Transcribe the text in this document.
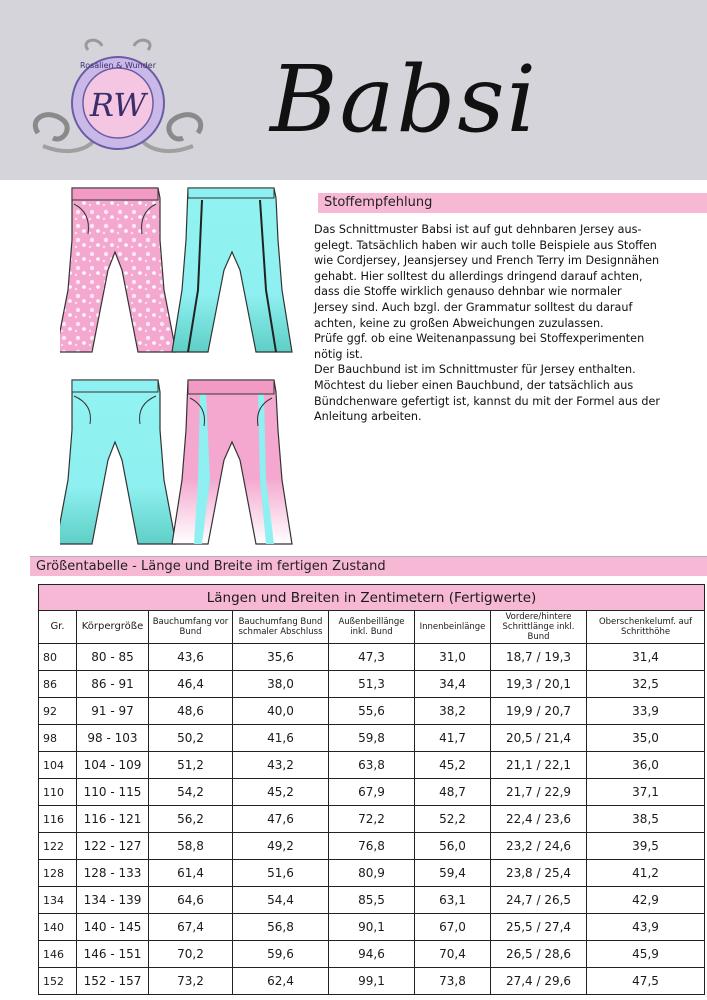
Rosalien & Wunder
RW Babsi
Stoffempfehlung

Das Schnittmuster Babsi ist auf gut dehnbaren Jersey aus-

gelegt. Tatsächlich haben wir auch tolle Beispiele aus Stoffen

wie Cordjersey, Jeansjersey und French Terry im Designnähen

gehabt. Hier solltest du allerdings dringend darauf achten,

dass die Stoffe wirklich genauso dehnbar wie normaler

Jersey sind. Auch bzgl. der Grammatur solltest du darauf

achten, keine zu großen Abweichungen zuzulassen.

Prüfe ggf. ob eine Weitenanpassung bei Stoffexperimenten

nötig ist.

Der Bauchbund ist im Schnittmuster für Jersey enthalten.

Möchtest du lieber einen Bauchbund, der tatsächlich aus

Bündchenware gefertigt ist, kannst du mit der Formel aus der

Anleitung arbeiten.

Größentabelle - Länge und Breite im fertigen Zustand
Längen und Breiten in Zentimetern (Fertigwerte)							
Gr.	Körpergröße	Bauchumfang vor Bund	Bauchumfang Bund schmaler Abschluss	Außenbeillänge inkl. Bund	Innenbeinlänge	Vordere/hintere Schrittlänge inkl. Bund	Oberschenkelumf. auf Schritthöhe
80	80 - 85	43,6	35,6	47,3	31,0	18,7 / 19,3	31,4
86	86 - 91	46,4	38,0	51,3	34,4	19,3 / 20,1	32,5
92	91 - 97	48,6	40,0	55,6	38,2	19,9 / 20,7	33,9
98	98 - 103	50,2	41,6	59,8	41,7	20,5 / 21,4	35,0
104	104 - 109	51,2	43,2	63,8	45,2	21,1 / 22,1	36,0
110	110 - 115	54,2	45,2	67,9	48,7	21,7 / 22,9	37,1
116	116 - 121	56,2	47,6	72,2	52,2	22,4 / 23,6	38,5
122	122 - 127	58,8	49,2	76,8	56,0	23,2 / 24,6	39,5
128	128 - 133	61,4	51,6	80,9	59,4	23,8 / 25,4	41,2
134	134 - 139	64,6	54,4	85,5	63,1	24,7 / 26,5	42,9
140	140 - 145	67,4	56,8	90,1	67,0	25,5 / 27,4	43,9
146	146 - 151	70,2	59,6	94,6	70,4	26,5 / 28,6	45,9
152	152 - 157	73,2	62,4	99,1	73,8	27,4 / 29,6	47,5
